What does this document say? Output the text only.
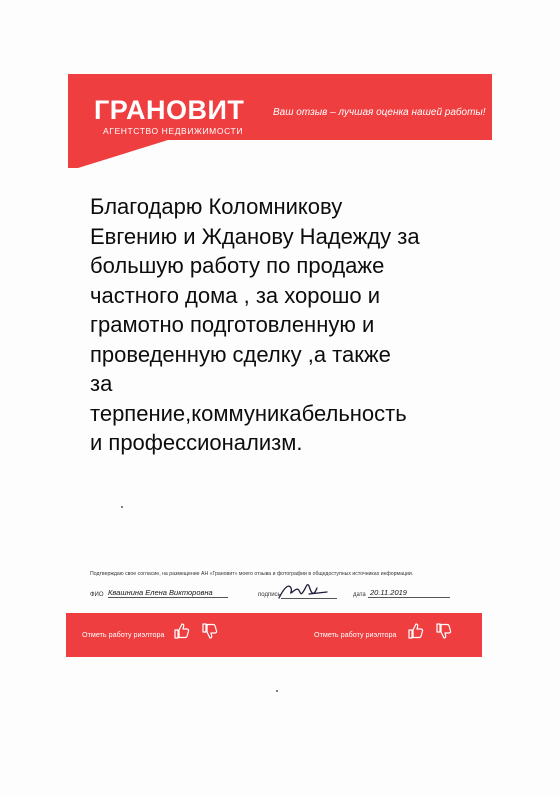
ГРАНОВИТ
АГЕНТСТВО НЕДВИЖИМОСТИ
Ваш отзыв – лучшая оценка нашей работы!
Благодарю Коломникову
Евгению и Жданову Надежду за
большую работу по продаже
частного дома , за хорошо и
грамотно подготовленную и
проведенную сделку ,а также
за
терпение,коммуникабельность
и профессионализм.
Подтверждаю свое согласие, на размещение АН «Грановит» моего отзыва и фотографии в общедоступных источниках информации.
ФИО Квашнина Елена Викторовна	подпись	дата 20.11.2019
Отметь работу риэлтора	Отметь работу риэлтора
